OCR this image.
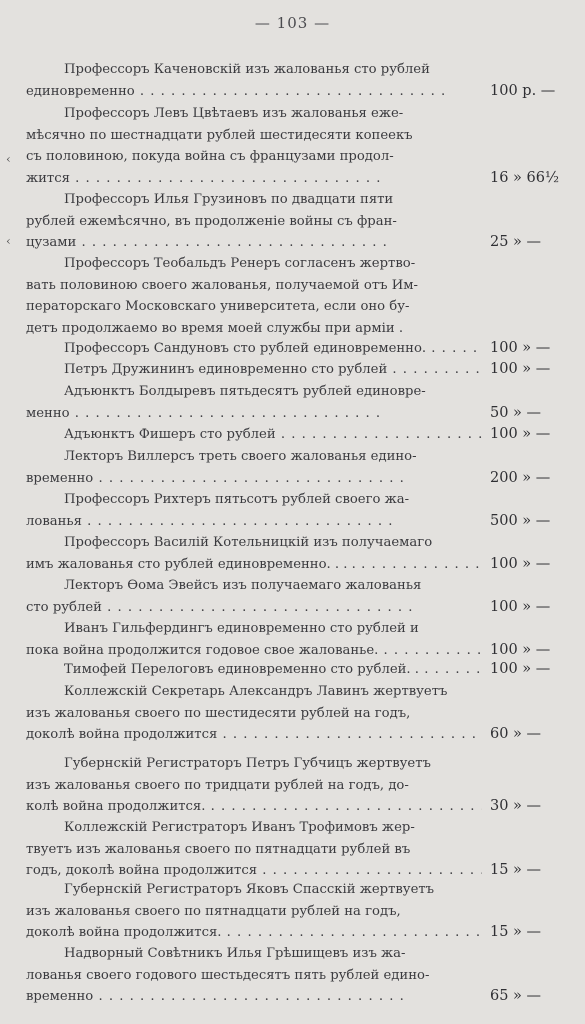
— 103 —
Профессоръ Каченовскій изъ жалованья сто рублей
единовременно . . .	100 р. —
Профессоръ Левъ Цвѣтаевъ изъ жалованья еже-
мѣсячно по шестнадцати рублей шестидесяти копеекъ
съ половиною, покуда война съ французами продол-
жится . . .	16 » 66½
Профессоръ Илья Грузиновъ по двадцати пяти
рублей ежемѣсячно, въ продолженіе войны съ фран-
цузами . . .	25 » —
Профессоръ Теобальдъ Ренеръ согласенъ жертво-
вать половиною своего жалованья, получаемой отъ Им-
ператорскаго Московскаго университета, если оно бу-
детъ продолжаемо во время моей службы при арміи .
Профессоръ Сандуновъ сто рублей единовременно. . . .	100 » —
Петръ Дружининъ единовременно сто рублей . . .	100 » —
Адъюнктъ Болдыревъ пятьдесятъ рублей единовре-
менно . . .	50 » —
Адъюнктъ Фишеръ сто рублей . . .	100 » —
Лекторъ Виллерсъ треть своего жалованья едино-
временно . . .	200 » —
Профессоръ Рихтеръ пятьсотъ рублей своего жа-
лованья . . .	500 » —
Профессоръ Василій Котельницкій изъ получаемаго
имъ жалованья сто рублей единовременно. . . . . . .	100 » —
Лекторъ Ѳома Эвейсъ изъ получаемаго жалованья
сто рублей . . .	100 » —
Иванъ Гильфердингъ единовременно сто рублей и
пока война продолжится годовое свое жалованье. . . .	100 » —
Тимофей Перелоговъ единовременно сто рублей. . . . .	100 » —
Коллежскій Секретарь Александръ Лавинъ жертвуетъ
изъ жалованья своего по шестидесяти рублей на годъ,
доколѣ война продолжится . . .	60 » —
Губернскій Регистраторъ Петръ Губчицъ жертвуетъ
изъ жалованья своего по тридцати рублей на годъ, до-
колѣ война продолжится. . . .	30 » —
Коллежскій Регистраторъ Иванъ Трофимовъ жер-
твуетъ изъ жалованья своего по пятнадцати рублей въ
годъ, доколѣ война продолжится . . .	15 » —
Губернскій Регистраторъ Яковъ Спасскій жертвуетъ
изъ жалованья своего по пятнадцати рублей на годъ,
доколѣ война продолжится. . . .	15 » —
Надворный Совѣтникъ Илья Грѣшищевъ изъ жа-
лованья своего годового шестьдесятъ пять рублей едино-
временно . . .	65 » —
‹
‹
